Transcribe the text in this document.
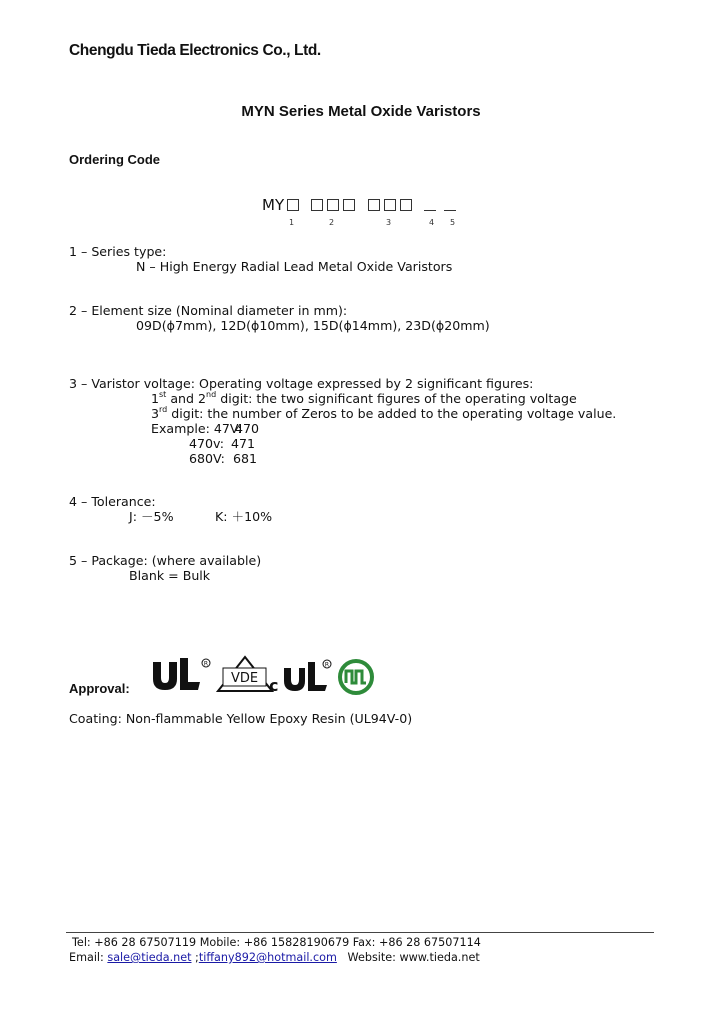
Chengdu Tieda Electronics Co., Ltd.
MYN Series Metal Oxide Varistors
Ordering Code
MY
1	2	3	4 5
1 – Series type:
N – High Energy Radial Lead Metal Oxide Varistors
2 – Element size (Nominal diameter in mm):
09D(ɸ7mm), 12D(ɸ10mm), 15D(ɸ14mm), 23D(ɸ20mm)
3 – Varistor voltage: Operating voltage expressed by 2 significant figures:
1st and 2nd digit: the two significant figures of the operating voltage
3rd digit: the number of Zeros to be added to the operating voltage value.
Example: 47V:
470
470v: 471
680V: 681
4 – Tolerance:
J: －5%	K: ＋10%
5 – Package: (where available)
Blank = Bulk
Approval:
R
VDE c
R
Coating: Non-flammable Yellow Epoxy Resin (UL94V-0)
Tel: +86 28 67507119 Mobile: +86 15828190679 Fax: +86 28 67507114
Email: sale@tieda.net ;tiffany892@hotmail.com   Website: www.tieda.net
